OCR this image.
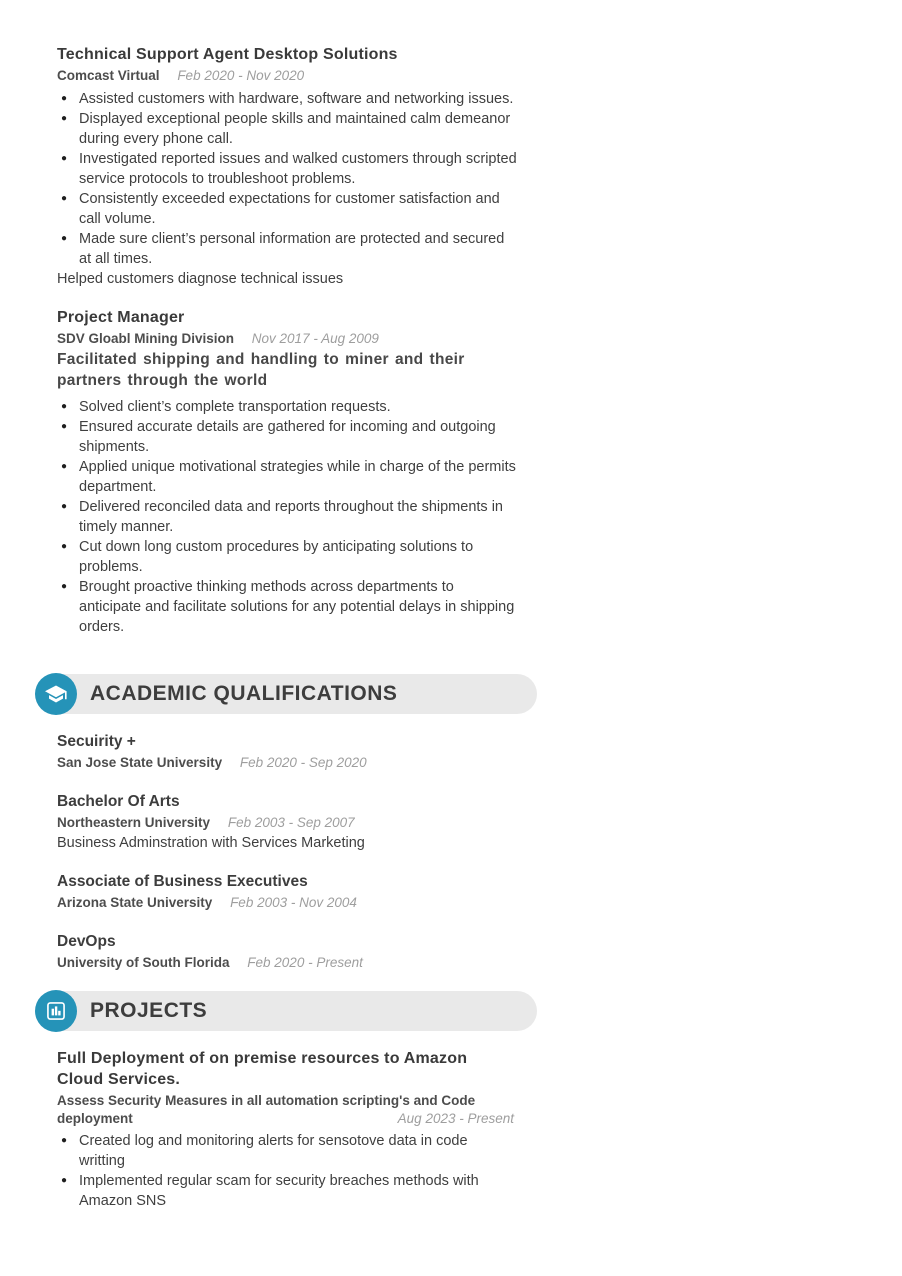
Technical Support Agent Desktop Solutions
Comcast Virtual Feb 2020 - Nov 2020
● Assisted customers with hardware, software and networking issues.
● Displayed exceptional people skills and maintained calm demeanor during every phone call.
● Investigated reported issues and walked customers through scripted service protocols to troubleshoot problems.
● Consistently exceeded expectations for customer satisfaction and call volume.
● Made sure client’s personal information are protected and secured at all times.
Helped customers diagnose technical issues
Project Manager
SDV Gloabl Mining Division Nov 2017 - Aug 2009
Facilitated shipping and handling to miner and their partners through the world
● Solved client’s complete transportation requests.
● Ensured accurate details are gathered for incoming and outgoing shipments.
● Applied unique motivational strategies while in charge of the permits department.
● Delivered reconciled data and reports throughout the shipments in timely manner.
● Cut down long custom procedures by anticipating solutions to problems.
● Brought proactive thinking methods across departments to anticipate and facilitate solutions for any potential delays in shipping orders.
ACADEMIC QUALIFICATIONS
Secuirity +
San Jose State University Feb 2020 - Sep 2020
Bachelor Of Arts
Northeastern University Feb 2003 - Sep 2007
Business Adminstration with Services Marketing
Associate of Business Executives
Arizona State University Feb 2003 - Nov 2004
DevOps
University of South Florida Feb 2020 - Present
PROJECTS
Full Deployment of on premise resources to Amazon Cloud Services.
Assess Security Measures in all automation scripting's and Code deployment	Aug 2023 - Present
● Created log and monitoring alerts for sensotove data in code writting
● Implemented regular scam for security breaches methods with Amazon SNS
